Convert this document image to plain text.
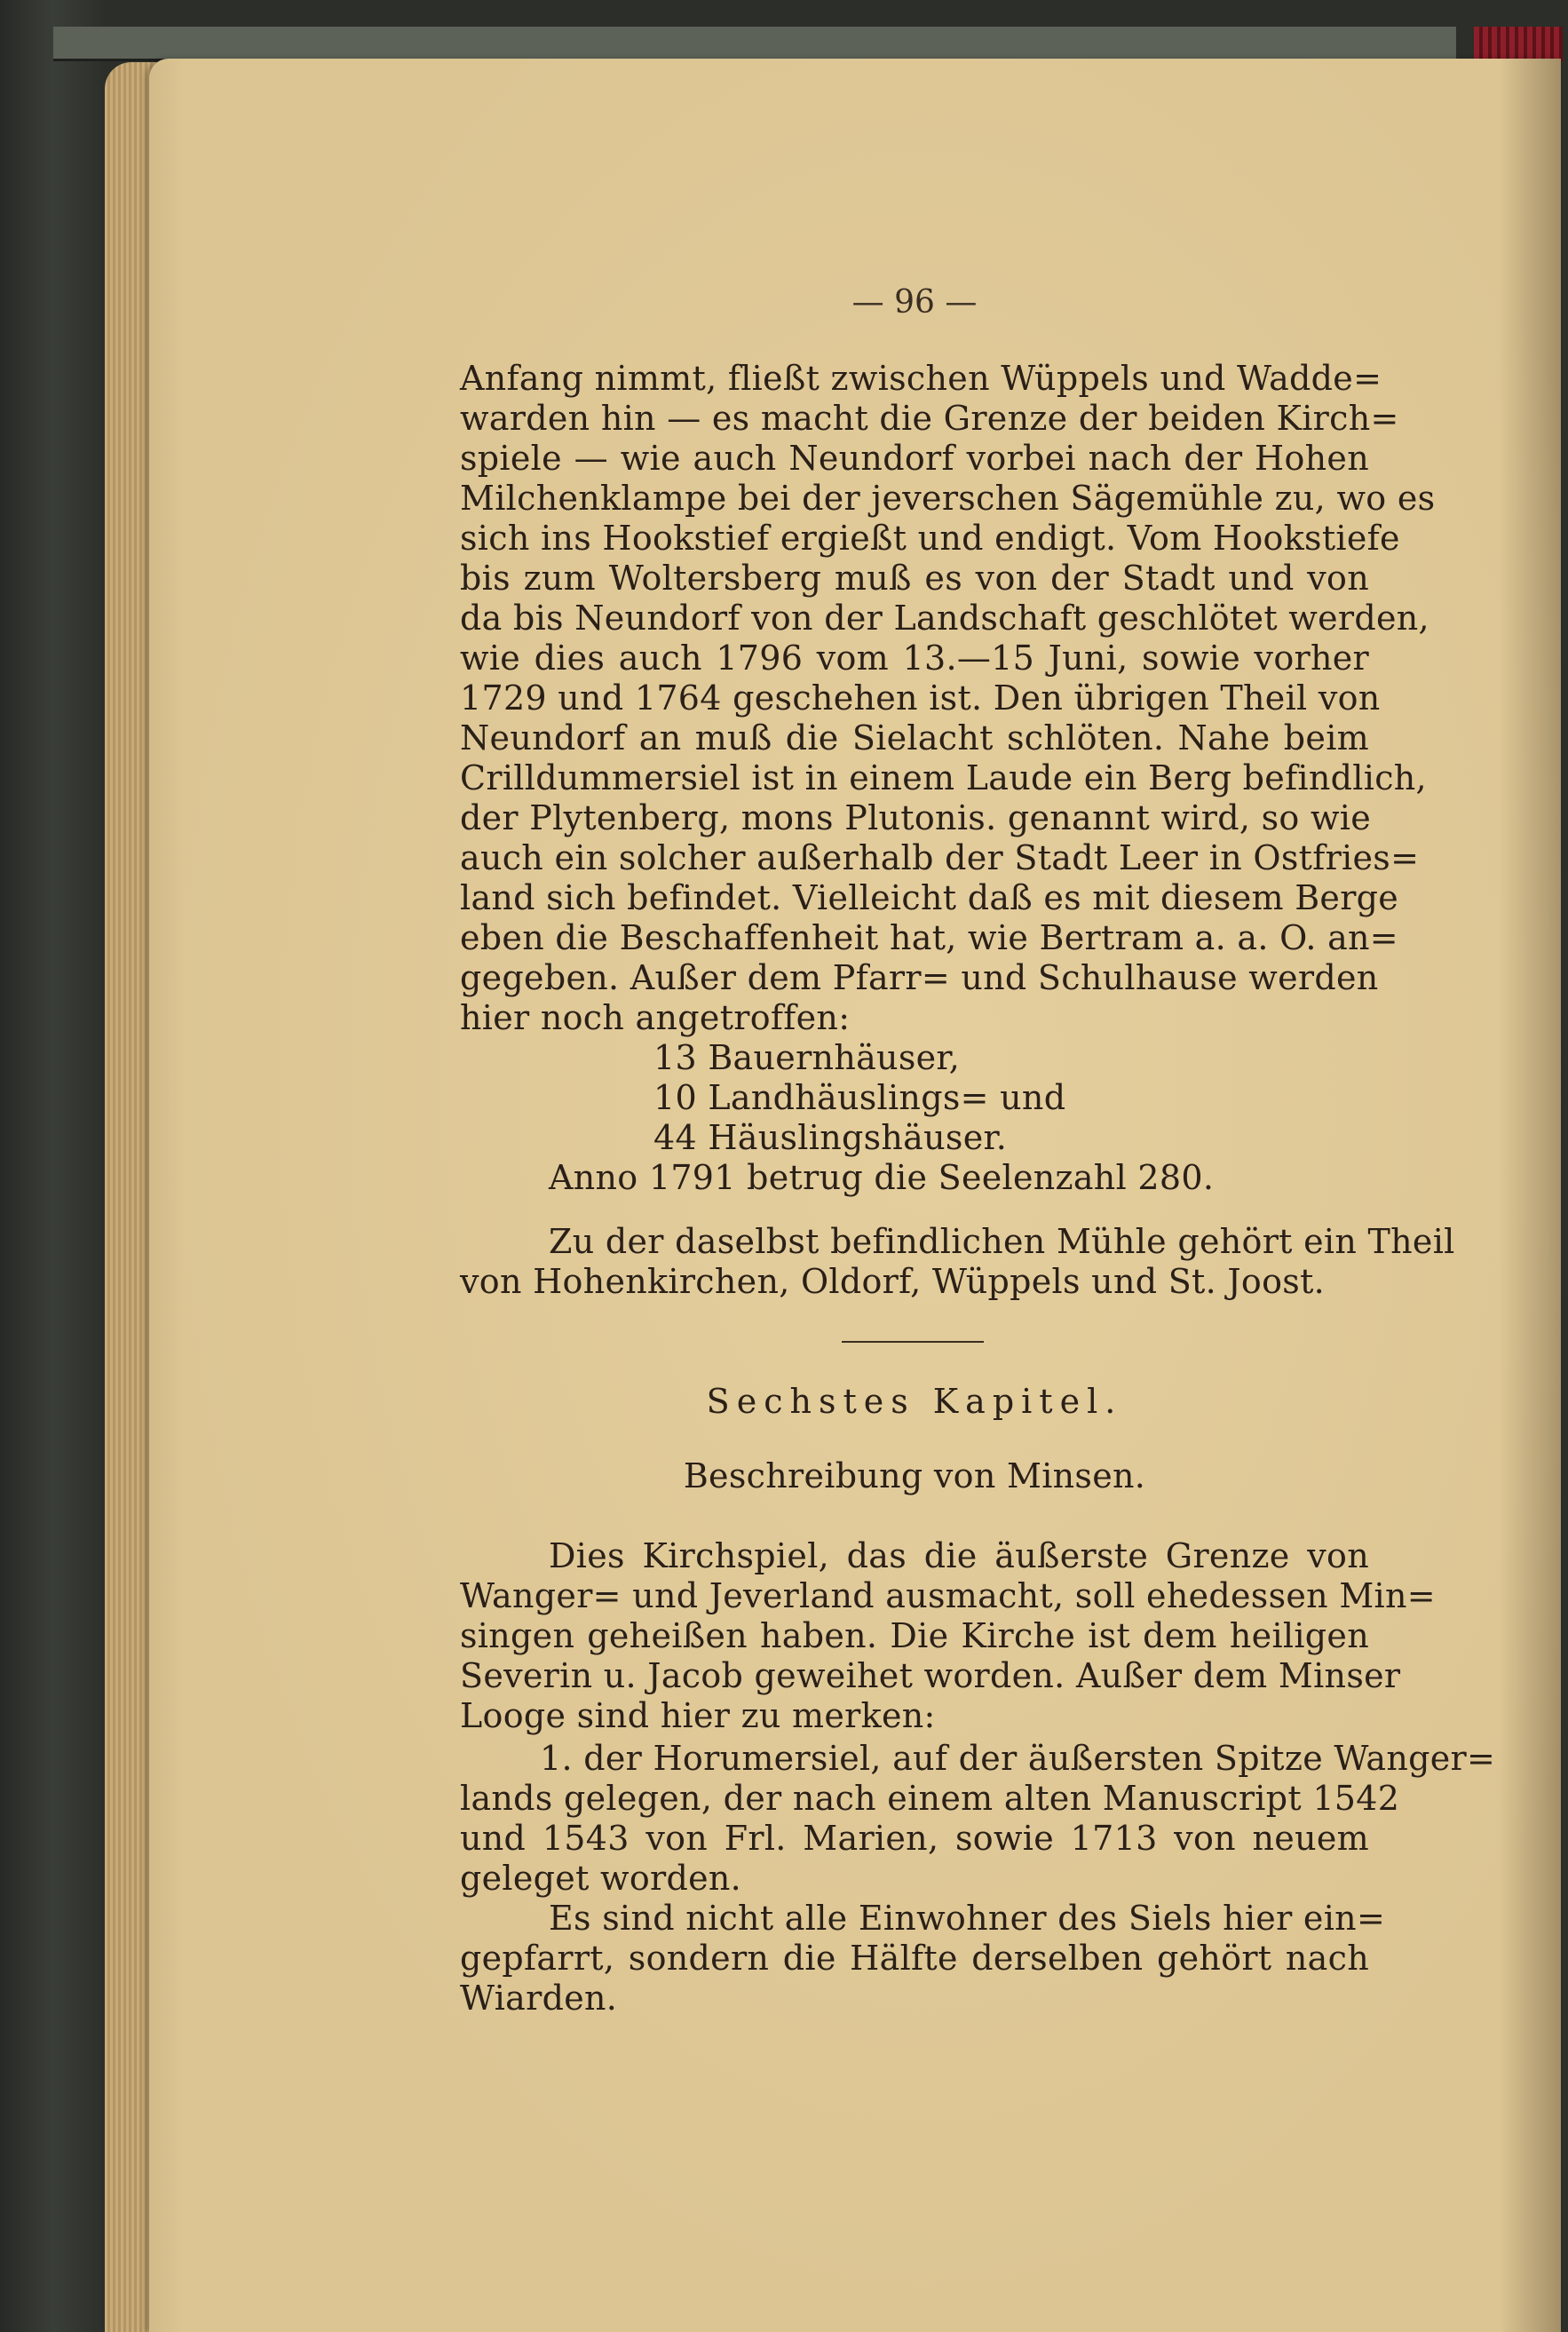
— 96 —
Anfang nimmt, fließt zwischen Wüppels und Wadde=
warden hin — es macht die Grenze der beiden Kirch=
spiele — wie auch Neundorf vorbei nach der Hohen
Milchenklampe bei der jeverschen Sägemühle zu, wo es
sich ins Hookstief ergießt und endigt. Vom Hookstiefe
bis zum Woltersberg muß es von der Stadt und von
da bis Neundorf von der Landschaft geschlötet werden,
wie dies auch 1796 vom 13.—15 Juni, sowie vorher
1729 und 1764 geschehen ist. Den übrigen Theil von
Neundorf an muß die Sielacht schlöten. Nahe beim
Crilldummersiel ist in einem Laude ein Berg befindlich,
der Plytenberg, mons Plutonis. genannt wird, so wie
auch ein solcher außerhalb der Stadt Leer in Ostfries=
land sich befindet. Vielleicht daß es mit diesem Berge
eben die Beschaffenheit hat, wie Bertram a. a. O. an=
gegeben. Außer dem Pfarr= und Schulhause werden
hier noch angetroffen:
13 Bauernhäuser,
10 Landhäuslings= und
44 Häuslingshäuser.
Anno 1791 betrug die Seelenzahl 280.
Zu der daselbst befindlichen Mühle gehört ein Theil
von Hohenkirchen, Oldorf, Wüppels und St. Joost.
Sechstes Kapitel.
Beschreibung von Minsen.
Dies Kirchspiel, das die äußerste Grenze von
Wanger= und Jeverland ausmacht, soll ehedessen Min=
singen geheißen haben. Die Kirche ist dem heiligen
Severin u. Jacob geweihet worden. Außer dem Minser
Looge sind hier zu merken:
1. der Horumersiel, auf der äußersten Spitze Wanger=
lands gelegen, der nach einem alten Manuscript 1542
und 1543 von Frl. Marien, sowie 1713 von neuem
geleget worden.
Es sind nicht alle Einwohner des Siels hier ein=
gepfarrt, sondern die Hälfte derselben gehört nach
Wiarden.
